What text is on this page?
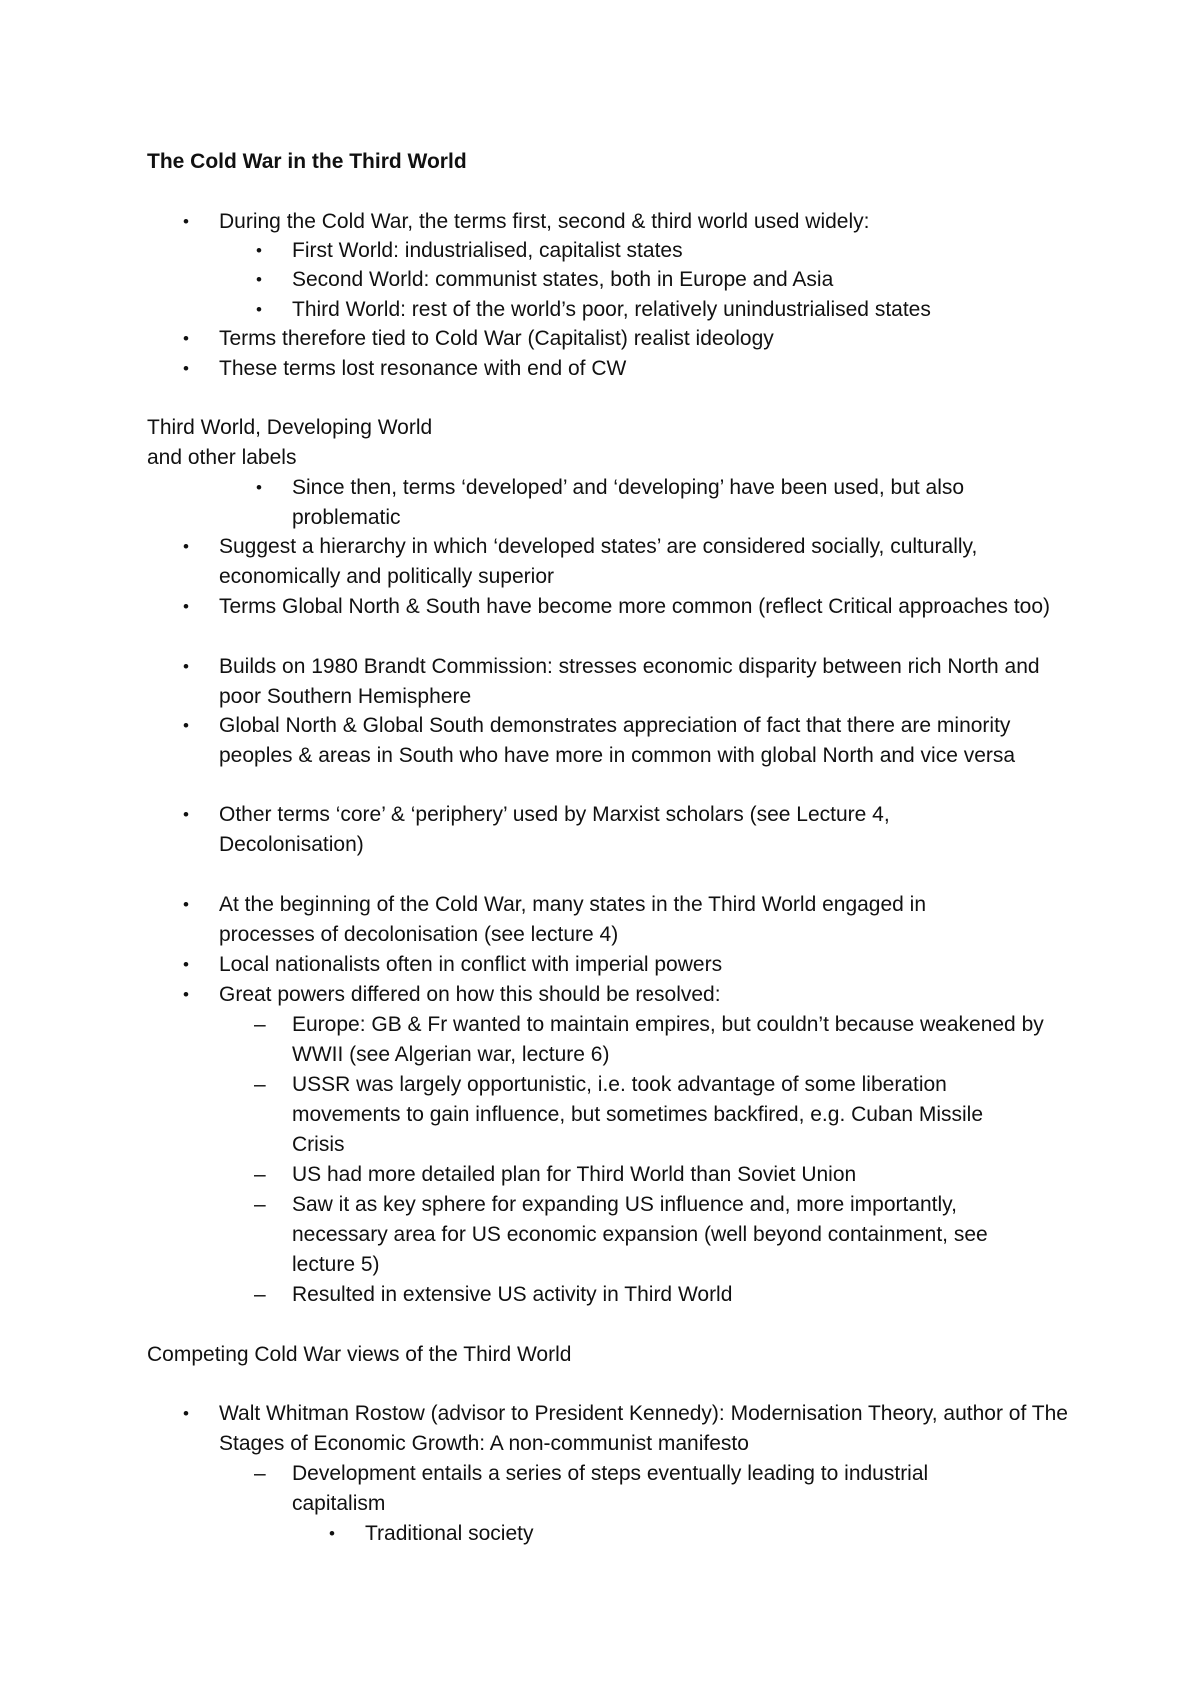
The Cold War in the Third World
• During the Cold War, the terms first, second & third world used widely:
• First World: industrialised, capitalist states
• Second World: communist states, both in Europe and Asia
• Third World: rest of the world’s poor, relatively unindustrialised states
• Terms therefore tied to Cold War (Capitalist) realist ideology
• These terms lost resonance with end of CW
Third World, Developing World
and other labels
• Since then, terms ‘developed’ and ‘developing’ have been used, but also problematic
• Suggest a hierarchy in which ‘developed states’ are considered socially, culturally, economically and politically superior
• Terms Global North & South have become more common (reflect Critical approaches too)
• Builds on 1980 Brandt Commission: stresses economic disparity between rich North and poor Southern Hemisphere
• Global North & Global South demonstrates appreciation of fact that there are minority peoples & areas in South who have more in common with global North and vice versa
• Other terms ‘core’ & ‘periphery’ used by Marxist scholars (see Lecture 4, Decolonisation)
• At the beginning of the Cold War, many states in the Third World engaged in processes of decolonisation (see lecture 4)
• Local nationalists often in conflict with imperial powers
• Great powers differed on how this should be resolved:
– Europe: GB & Fr wanted to maintain empires, but couldn’t because weakened by WWII (see Algerian war, lecture 6)
– USSR was largely opportunistic, i.e. took advantage of some liberation movements to gain influence, but sometimes backfired, e.g. Cuban Missile Crisis
– US had more detailed plan for Third World than Soviet Union
– Saw it as key sphere for expanding US influence and, more importantly, necessary area for US economic expansion (well beyond containment, see lecture 5)
– Resulted in extensive US activity in Third World
Competing Cold War views of the Third World
• Walt Whitman Rostow (advisor to President Kennedy): Modernisation Theory, author of The Stages of Economic Growth: A non-communist manifesto
– Development entails a series of steps eventually leading to industrial capitalism
• Traditional society
